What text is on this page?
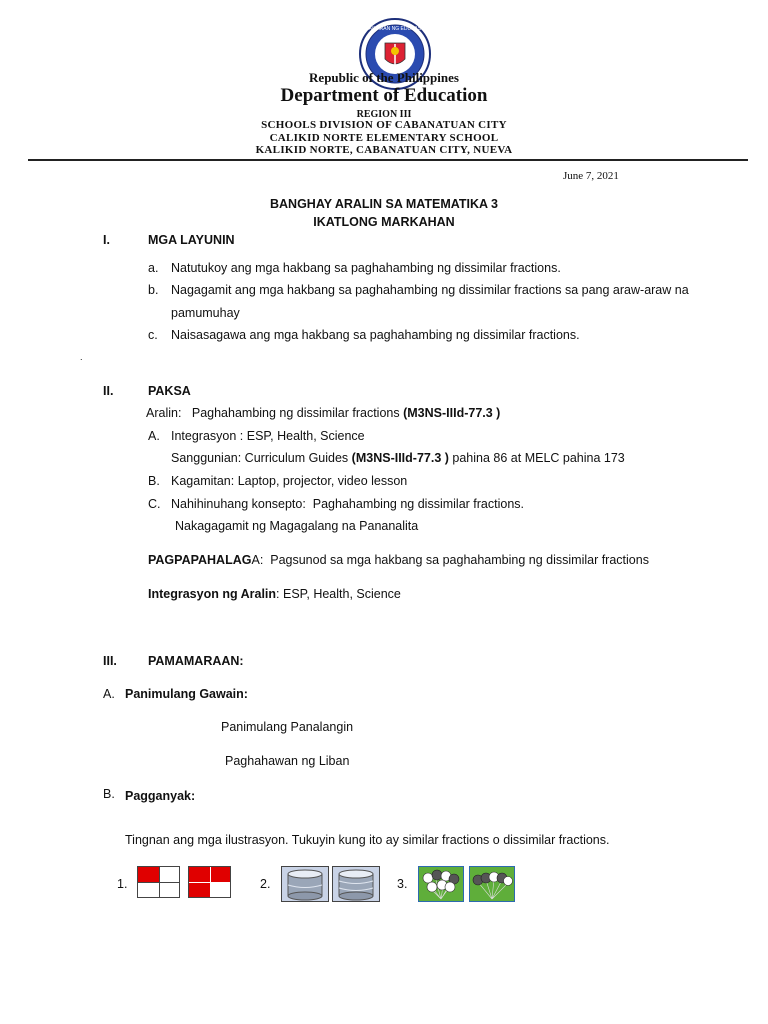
KAGAWARAN NG EDUKASYON
Republic of the Philippines
Department of Education
REGION III
SCHOOLS DIVISION OF CABANATUAN CITY
CALIKID NORTE ELEMENTARY SCHOOL
KALIKID NORTE, CABANATUAN CITY, NUEVA
June 7, 2021
BANGHAY ARALIN SA MATEMATIKA 3
IKATLONG MARKAHAN
I.	MGA LAYUNIN
a. Natutukoy ang mga hakbang sa paghahambing ng dissimilar fractions.
b. Nagagamit ang mga hakbang sa paghahambing ng dissimilar fractions sa pang araw-araw na
pamumuhay
c. Naisasagawa ang mga hakbang sa paghahambing ng dissimilar fractions.
.
II.	PAKSA
Aralin: Paghahambing ng dissimilar fractions (M3NS-IIId-77.3 )
A. Integrasyon : ESP, Health, Science
Sanggunian: Curriculum Guides (M3NS-IIId-77.3 ) pahina 86 at MELC pahina 173
B. Kagamitan: Laptop, projector, video lesson
C. Nahihinuhang konsepto:  Paghahambing ng dissimilar fractions.
Nakagagamit ng Magagalang na Pananalita
PAGPAPAHALAGA:  Pagsunod sa mga hakbang sa paghahambing ng dissimilar fractions
Integrasyon ng Aralin: ESP, Health, Science
III. PAMAMARAAN:
A. Panimulang Gawain:
Panimulang Panalangin
Paghahawan ng Liban
B. Pagganyak:
Tingnan ang mga ilustrasyon. Tukuyin kung ito ay similar fractions o dissimilar fractions.
1.	2.	3.
